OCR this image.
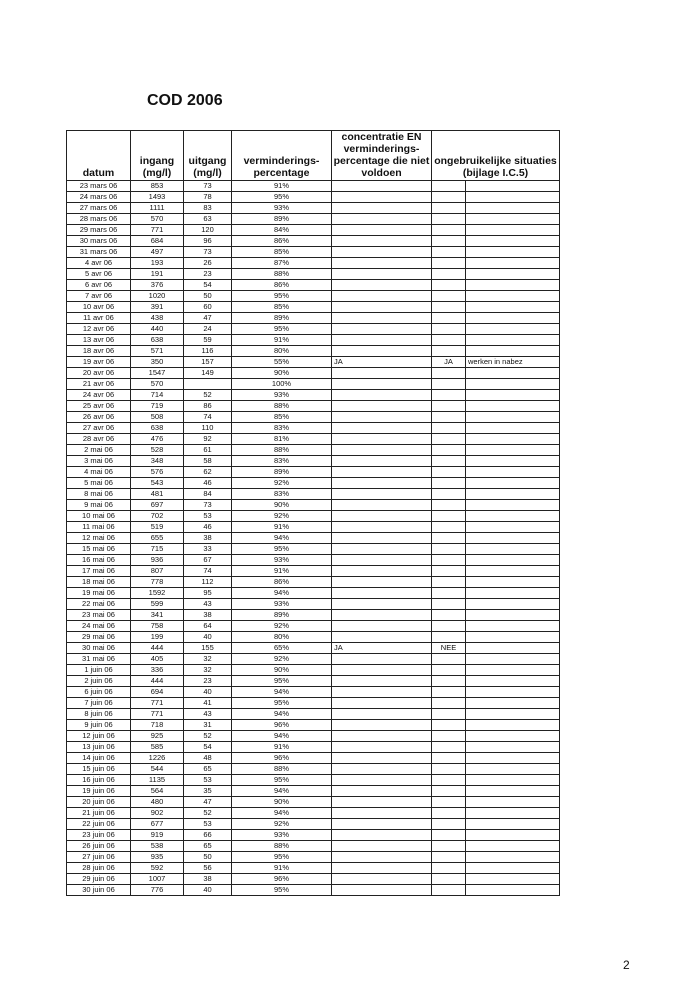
COD 2006
datum	ingang (mg/l)	uitgang (mg/l)	verminderings-percentage	concentratie EN verminderings-percentage die niet voldoen	ongebruikelijke situaties (bijlage I.C.5)	
23 mars 06	853	73	91%			
24 mars 06	1493	78	95%			
27 mars 06	1111	83	93%			
28 mars 06	570	63	89%			
29 mars 06	771	120	84%			
30 mars 06	684	96	86%			
31 mars 06	497	73	85%			
4 avr 06	193	26	87%			
5 avr 06	191	23	88%			
6 avr 06	376	54	86%			
7 avr 06	1020	50	95%			
10 avr 06	391	60	85%			
11 avr 06	438	47	89%			
12 avr 06	440	24	95%			
13 avr 06	638	59	91%			
18 avr 06	571	116	80%			
19 avr 06	350	157	55%	JA	JA	werken in nabez
20 avr 06	1547	149	90%			
21 avr 06	570		100%			
24 avr 06	714	52	93%			
25 avr 06	719	86	88%			
26 avr 06	508	74	85%			
27 avr 06	638	110	83%			
28 avr 06	476	92	81%			
2 mai 06	528	61	88%			
3 mai 06	348	58	83%			
4 mai 06	576	62	89%			
5 mai 06	543	46	92%			
8 mai 06	481	84	83%			
9 mai 06	697	73	90%			
10 mai 06	702	53	92%			
11 mai 06	519	46	91%			
12 mai 06	655	38	94%			
15 mai 06	715	33	95%			
16 mai 06	936	67	93%			
17 mai 06	807	74	91%			
18 mai 06	778	112	86%			
19 mai 06	1592	95	94%			
22 mai 06	599	43	93%			
23 mai 06	341	38	89%			
24 mai 06	758	64	92%			
29 mai 06	199	40	80%			
30 mai 06	444	155	65%	JA	NEE	
31 mai 06	405	32	92%			
1 juin 06	336	32	90%			
2 juin 06	444	23	95%			
6 juin 06	694	40	94%			
7 juin 06	771	41	95%			
8 juin 06	771	43	94%			
9 juin 06	718	31	96%			
12 juin 06	925	52	94%			
13 juin 06	585	54	91%			
14 juin 06	1226	48	96%			
15 juin 06	544	65	88%			
16 juin 06	1135	53	95%			
19 juin 06	564	35	94%			
20 juin 06	480	47	90%			
21 juin 06	902	52	94%			
22 juin 06	677	53	92%			
23 juin 06	919	66	93%			
26 juin 06	538	65	88%			
27 juin 06	935	50	95%			
28 juin 06	592	56	91%			
29 juin 06	1007	38	96%			
30 juin 06	776	40	95%			
2
